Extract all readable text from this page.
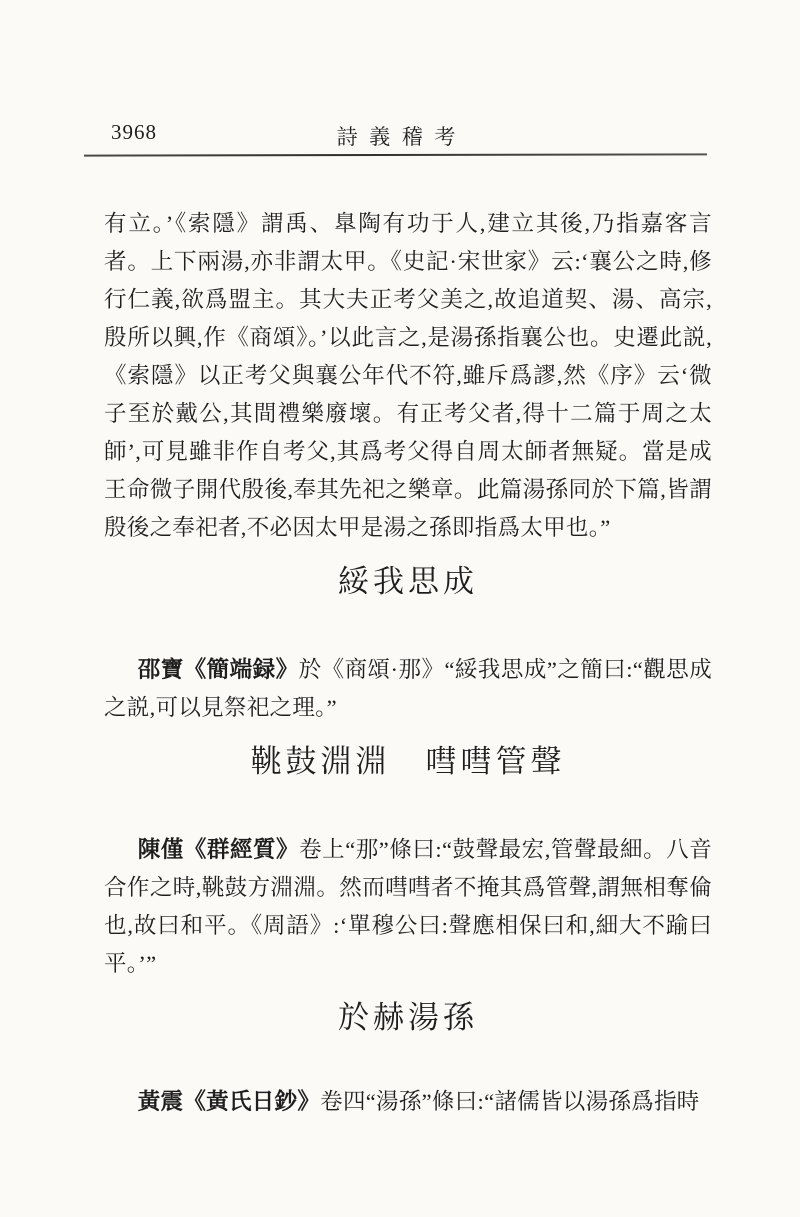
3968	詩義稽考

有立。’《索隱》謂禹、臯陶有功于人,建立其後,乃指嘉客言者。上下兩湯,亦非謂太甲。《史記·宋世家》云:‘襄公之時,修行仁義,欲爲盟主。其大夫正考父美之,故追道契、湯、高宗,殷所以興,作《商頌》。’以此言之,是湯孫指襄公也。史遷此説,《索隱》以正考父與襄公年代不符,雖斥爲謬,然《序》云‘微子至於戴公,其間禮樂廢壞。有正考父者,得十二篇于周之太師’,可見雖非作自考父,其爲考父得自周太師者無疑。當是成王命微子開代殷後,奉其先祀之樂章。此篇湯孫同於下篇,皆謂殷後之奉祀者,不必因太甲是湯之孫即指爲太甲也。”

綏我思成

邵寶《簡端録》於《商頌·那》“綏我思成”之簡曰:“觀思成之説,可以見祭祀之理。”

鞉鼓淵淵　嘒嘒管聲

陳僅《群經質》卷上“那”條曰:“鼓聲最宏,管聲最細。八音合作之時,鞉鼓方淵淵。然而嘒嘒者不掩其爲管聲,謂無相奪倫也,故曰和平。《周語》:‘單穆公曰:聲應相保曰和,細大不踰曰平。’”

於赫湯孫

黃震《黃氏日鈔》卷四“湯孫”條曰:“諸儒皆以湯孫爲指時
